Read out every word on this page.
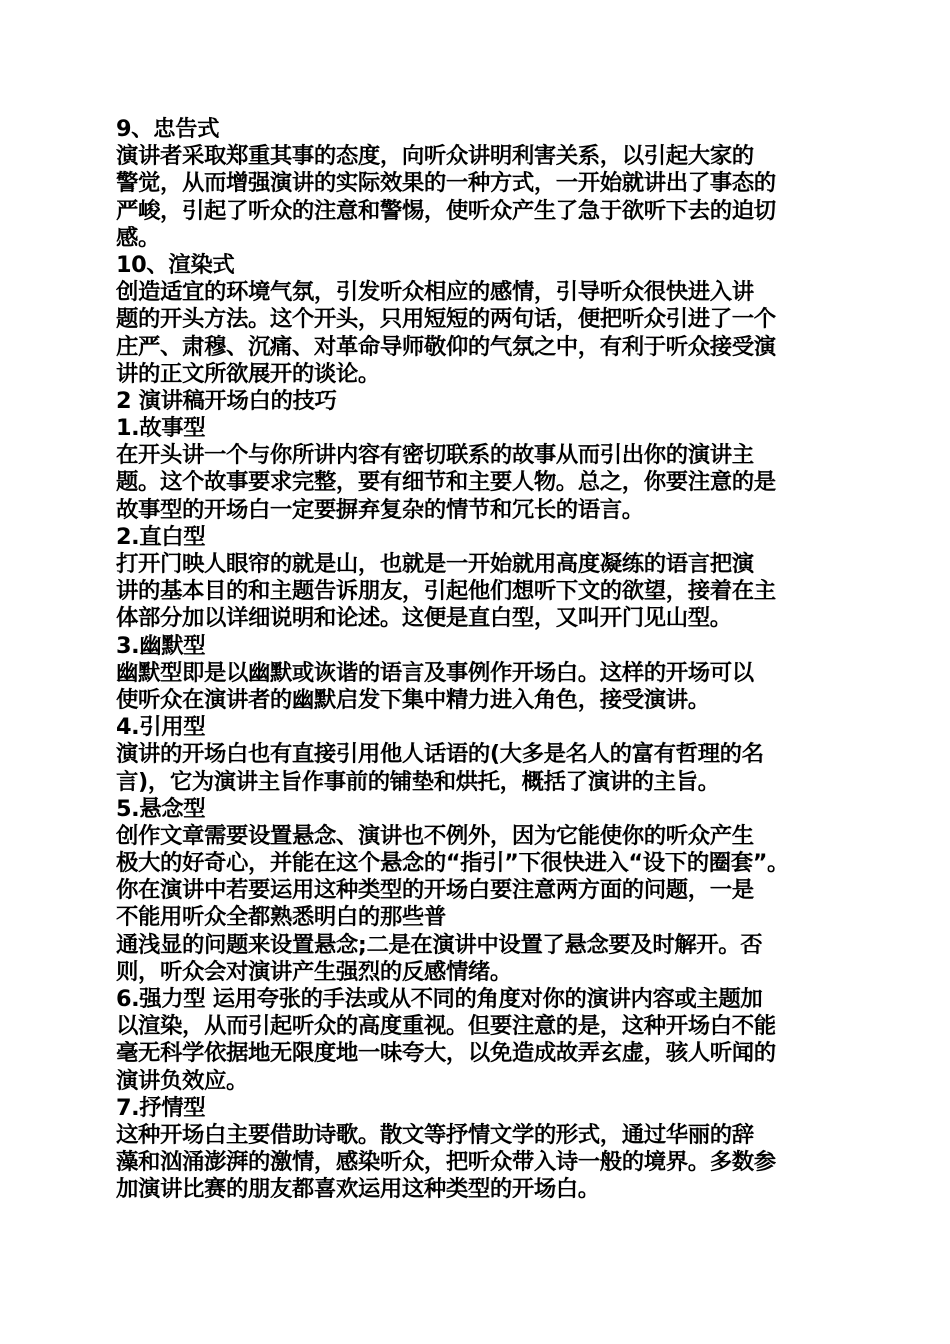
9、忠告式
演讲者采取郑重其事的态度，向听众讲明利害关系，以引起大家的
警觉，从而增强演讲的实际效果的一种方式，一开始就讲出了事态的
严峻，引起了听众的注意和警惕，使听众产生了急于欲听下去的迫切
感。
10、渲染式
创造适宜的环境气氛，引发听众相应的感情，引导听众很快进入讲
题的开头方法。这个开头，只用短短的两句话，便把听众引进了一个
庄严、肃穆、沉痛、对革命导师敬仰的气氛之中，有利于听众接受演
讲的正文所欲展开的谈论。
2 演讲稿开场白的技巧
1.故事型
在开头讲一个与你所讲内容有密切联系的故事从而引出你的演讲主
题。这个故事要求完整，要有细节和主要人物。总之，你要注意的是
故事型的开场白一定要摒弃复杂的情节和冗长的语言。
2.直白型
打开门映人眼帘的就是山，也就是一开始就用高度凝练的语言把演
讲的基本目的和主题告诉朋友，引起他们想听下文的欲望，接着在主
体部分加以详细说明和论述。这便是直白型，又叫开门见山型。
3.幽默型
幽默型即是以幽默或诙谐的语言及事例作开场白。这样的开场可以
使听众在演讲者的幽默启发下集中精力进入角色，接受演讲。
4.引用型
演讲的开场白也有直接引用他人话语的(大多是名人的富有哲理的名
言)，它为演讲主旨作事前的铺垫和烘托，概括了演讲的主旨。
5.悬念型
创作文章需要设置悬念、演讲也不例外，因为它能使你的听众产生
极大的好奇心，并能在这个悬念的“指引”下很快进入“设下的圈套”。
你在演讲中若要运用这种类型的开场白要注意两方面的问题，一是
不能用听众全都熟悉明白的那些普
通浅显的问题来设置悬念;二是在演讲中设置了悬念要及时解开。否
则，听众会对演讲产生强烈的反感情绪。
6.强力型 运用夸张的手法或从不同的角度对你的演讲内容或主题加
以渲染，从而引起听众的高度重视。但要注意的是，这种开场白不能
毫无科学依据地无限度地一味夸大，以免造成故弄玄虚，骇人听闻的
演讲负效应。
7.抒情型
这种开场白主要借助诗歌。散文等抒情文学的形式，通过华丽的辞
藻和汹涌澎湃的激情，感染听众，把听众带入诗一般的境界。多数参
加演讲比赛的朋友都喜欢运用这种类型的开场白。
